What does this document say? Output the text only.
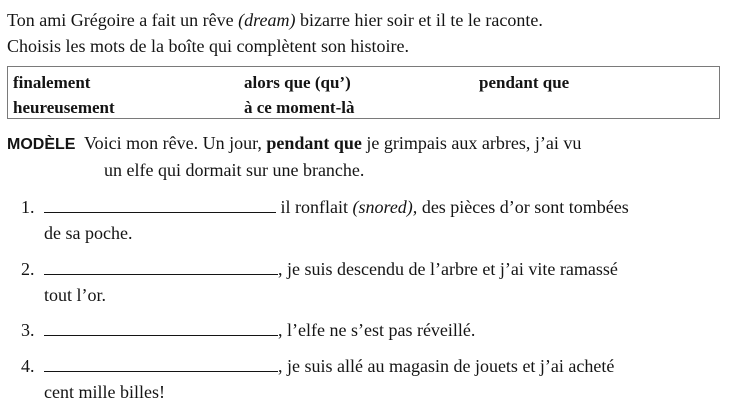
Ton ami Grégoire a fait un rêve (dream) bizarre hier soir et il te le raconte.
Choisis les mots de la boîte qui complètent son histoire.
finalement	alors que (qu’)	pendant que
heureusement	à ce moment-là
MODÈLE Voici mon rêve. Un jour, pendant que je grimpais aux arbres, j’ai vu
un elfe qui dormait sur une branche.
1.	il ronflait (snored), des pièces d’or sont tombées
de sa poche.
2.	, je suis descendu de l’arbre et j’ai vite ramassé
tout l’or.
3.	, l’elfe ne s’est pas réveillé.
4.	, je suis allé au magasin de jouets et j’ai acheté
cent mille billes!
